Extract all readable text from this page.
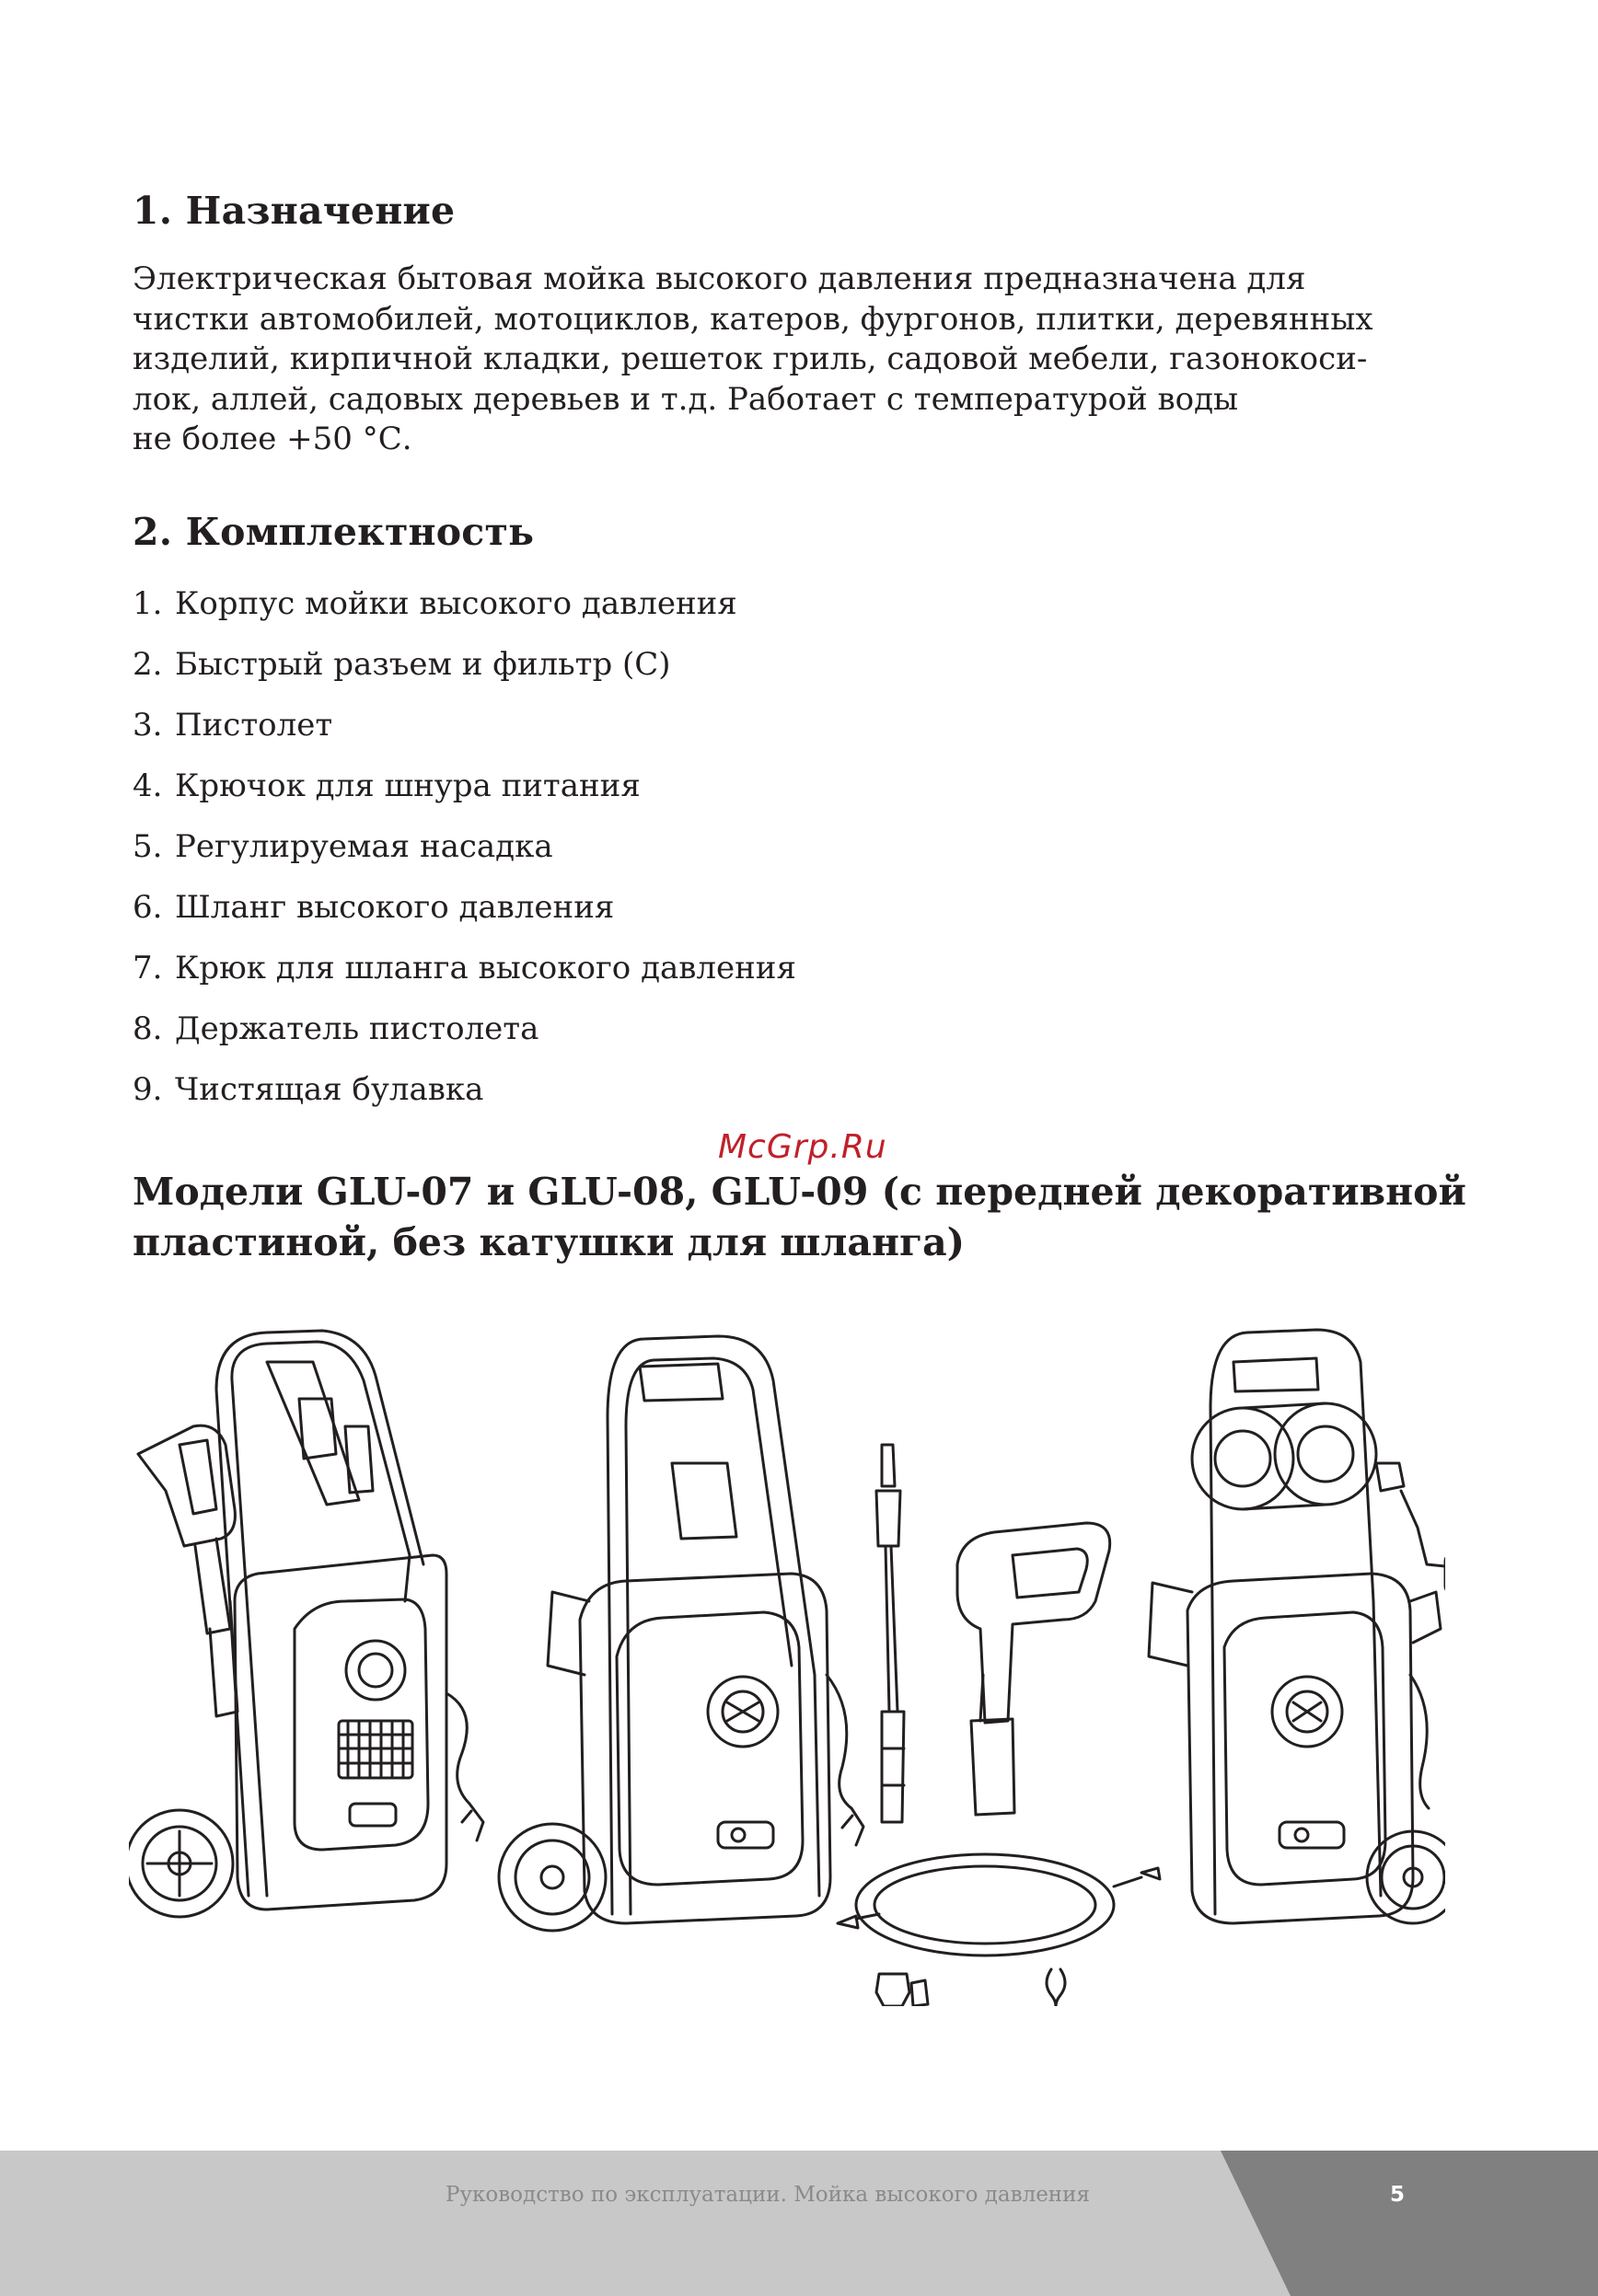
1. Назначение

Электрическая бытовая мойка высокого давления предназначена для
чистки автомобилей, мотоциклов, катеров, фургонов, плитки, деревянных
изделий, кирпичной кладки, решеток гриль, садовой мебели, газонокоси-
лок, аллей, садовых деревьев и т.д. Работает с температурой воды
не более +50 °С.

2. Комплектность
1. Корпус мойки высокого давления
2. Быстрый разъем и фильтр (С)
3. Пистолет
4. Крючок для шнура питания
5. Регулируемая насадка
6. Шланг высокого давления
7. Крюк для шланга высокого давления
8. Держатель пистолета
9. Чистящая булавка
McGrp.Ru
Модели GLU-07 и GLU-08, GLU-09 (с передней декоративной
пластиной, без катушки для шланга)
Руководство по эксплуатации. Мойка высокого давления	5
